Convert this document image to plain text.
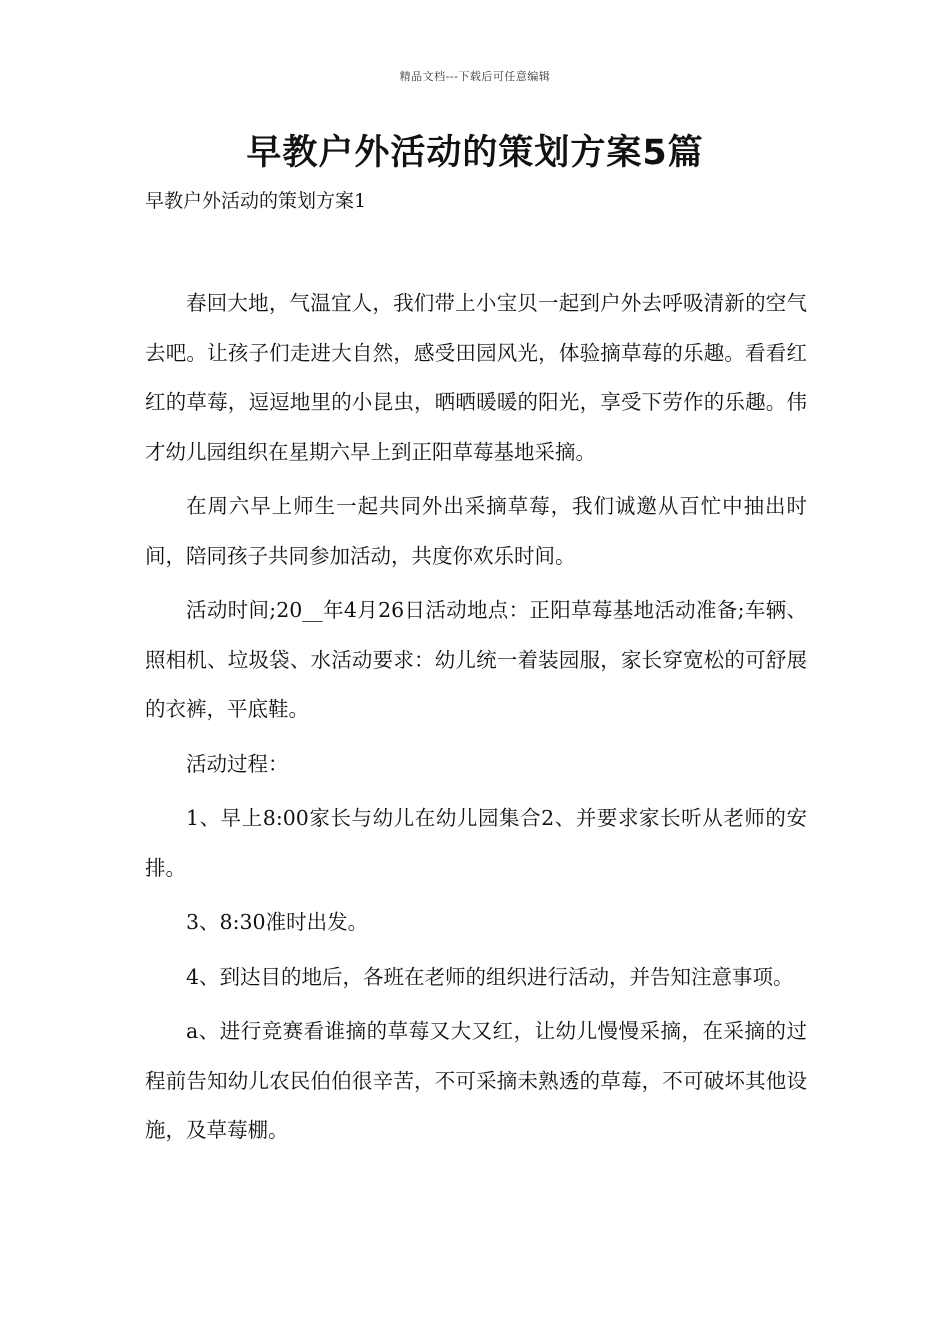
精品文档---下载后可任意编辑
早教户外活动的策划方案5篇
早教户外活动的策划方案1

春回大地，气温宜人，我们带上小宝贝一起到户外去呼吸清新的空气去吧。让孩子们走进大自然，感受田园风光，体验摘草莓的乐趣。看看红红的草莓，逗逗地里的小昆虫，晒晒暖暖的阳光，享受下劳作的乐趣。伟才幼儿园组织在星期六早上到正阳草莓基地采摘。

在周六早上师生一起共同外出采摘草莓，我们诚邀从百忙中抽出时间，陪同孩子共同参加活动，共度你欢乐时间。

活动时间;20__年4月26日活动地点：正阳草莓基地活动准备;车辆、照相机、垃圾袋、水活动要求：幼儿统一着装园服，家长穿宽松的可舒展的衣裤，平底鞋。

活动过程：

1、早上8:00家长与幼儿在幼儿园集合2、并要求家长听从老师的安排。

3、8:30准时出发。

4、到达目的地后，各班在老师的组织进行活动，并告知注意事项。

a、进行竞赛看谁摘的草莓又大又红，让幼儿慢慢采摘，在采摘的过程前告知幼儿农民伯伯很辛苦，不可采摘未熟透的草莓，不可破坏其他设施，及草莓棚。
